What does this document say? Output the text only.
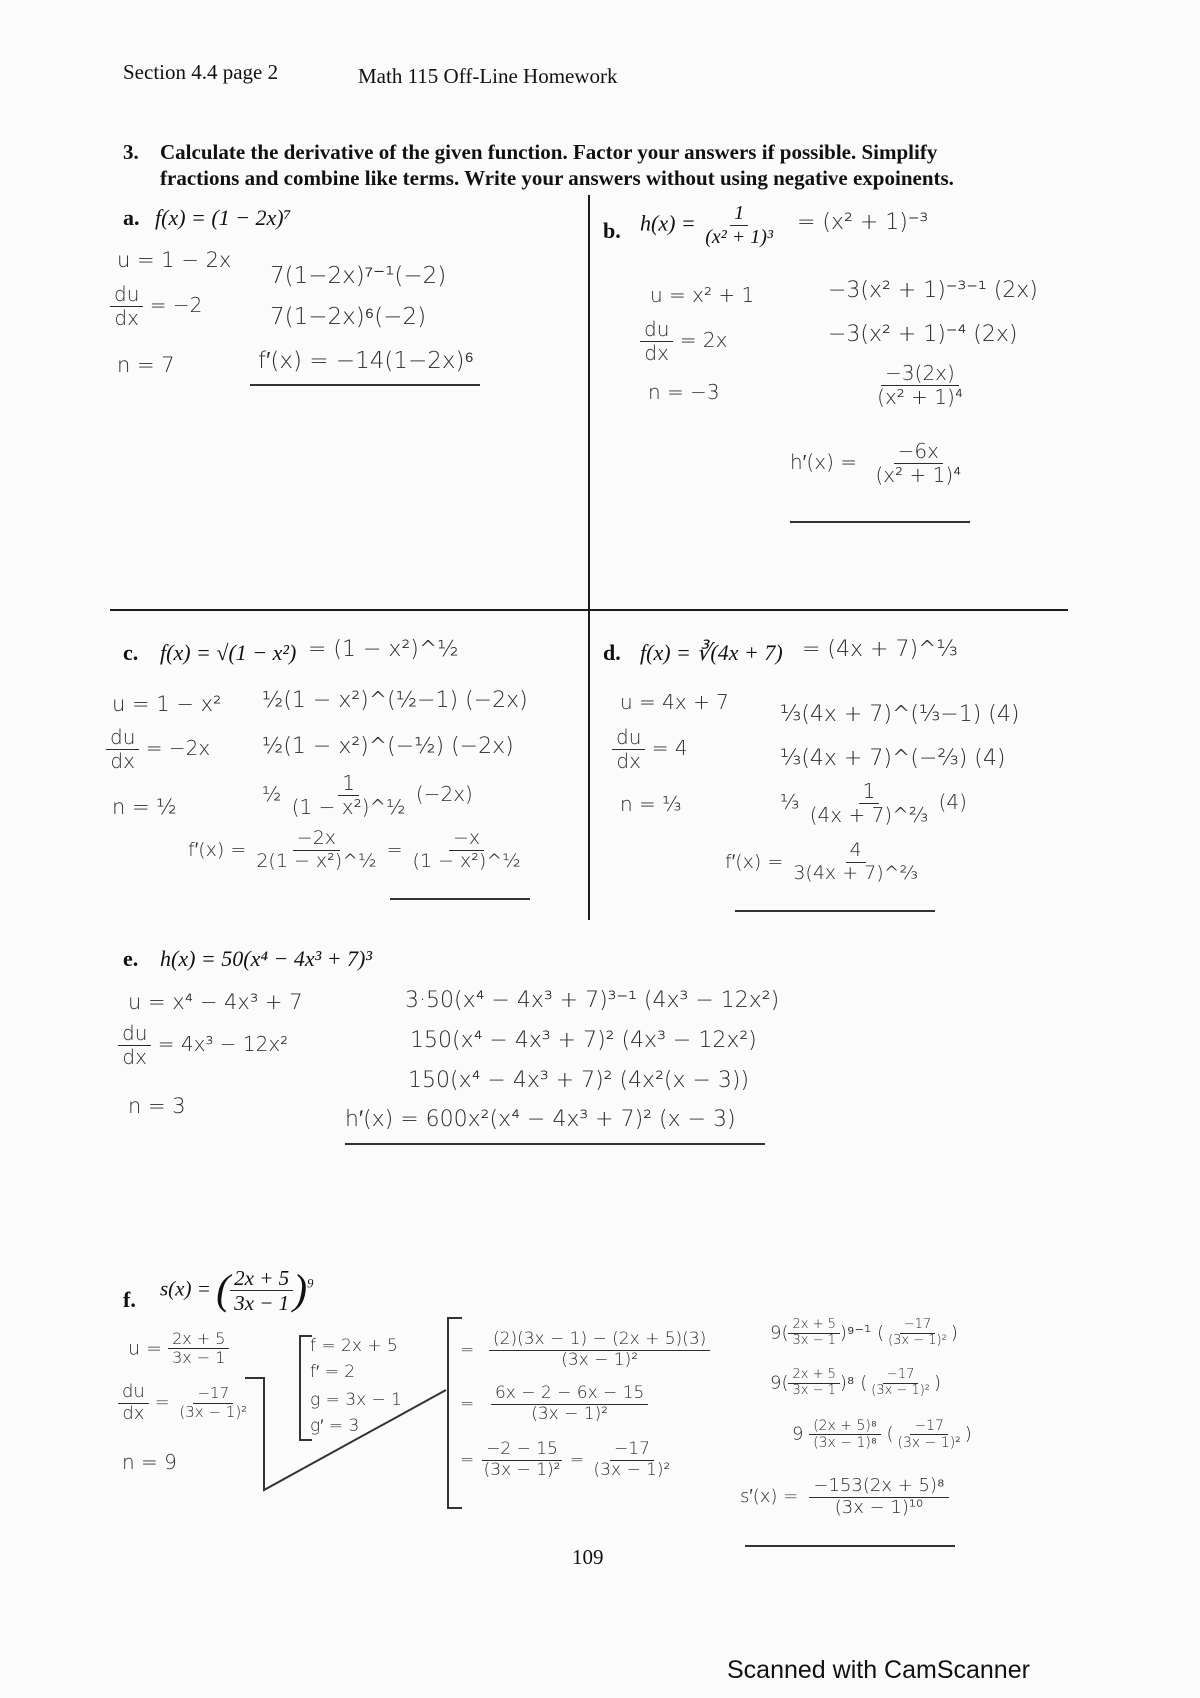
Section 4.4 page 2	Math 115 Off-Line Homework
3. Calculate the derivative of the given function. Factor your answers if possible. Simplify
fractions and combine like terms. Write your answers without using negative expoinents.
a. f(x) = (1 − 2x)⁷
u = 1 − 2x
$\frac{du}{dx} = -2$
n = 7
7(1−2x)⁷⁻¹(−2)
7(1−2x)⁶(−2)
f′(x) = −14(1−2x)⁶
b. $h(x) = \frac{1}{\text{(x² + 1)³}} = (x^2 + 1)^{-3}$
u = x² + 1
$\frac{du}{dx} = 2x$
n = −3
−3(x² + 1)⁻³⁻¹ (2x)
−3(x² + 1)⁻⁴ (2x)
$\frac{-3(2x)}{\text{(x² + 1)⁴}}$
$h'(x) = \frac{-6x}{\text{(x² + 1)⁴}}$
c. f(x) = √(1 − x²) = (1 − x²)^½
u = 1 − x²
$\frac{du}{dx} = -2x$
n = ½
½(1 − x²)^(½−1) (−2x)
½(1 − x²)^(−½) (−2x)
½ $\frac{1}{\text{(1 − x²)\textasciicircum{}½}} (-2x)$
$f'(x) = \frac{-2x}{\text{2(1 − x²)\textasciicircum{}½}} = \frac{-x}{\text{(1 − x²)\textasciicircum{}½}}$
d. f(x) = ∛(4x + 7) = (4x + 7)^⅓
u = 4x + 7
$\frac{du}{dx} = 4$
n = ⅓
⅓(4x + 7)^(⅓−1) (4)
⅓(4x + 7)^(−⅔) (4)
⅓ $\frac{1}{\text{(4x + 7)\textasciicircum{}⅔}} (4)$
$f'(x) = \frac{4}{\text{3(4x + 7)\textasciicircum{}⅔}}$
e. h(x) = 50(x⁴ − 4x³ + 7)³
u = x⁴ − 4x³ + 7
$\frac{du}{dx} = 4x^3 - 12x^2$
n = 3
3·50(x⁴ − 4x³ + 7)³⁻¹ (4x³ − 12x²)
150(x⁴ − 4x³ + 7)² (4x³ − 12x²)
150(x⁴ − 4x³ + 7)² (4x²(x − 3))
h′(x) = 600x²(x⁴ − 4x³ + 7)² (x − 3)
f. s(x) = ( $\frac{2x + 5}{3x - 1} )^9$
$u = \frac{2x + 5}{3x - 1}$
$\frac{du}{dx} = \frac{-17}{\text{(3x − 1)²}}$
n = 9
f = 2x + 5
f′ = 2
g = 3x − 1
g′ = 3
= $\frac{(2)(3x - 1) - (2x + 5)(3)}{\text{(3x − 1)²}}$
= $\frac{6x - 2 - 6x - 15}{\text{(3x − 1)²}}$
= $\frac{-2 - 15}{\text{(3x − 1)²}} = \frac{-17}{\text{(3x − 1)²}}$
$9( \frac{2x + 5}{3x - 1} )^{9-1}$ ( $\frac{-17}{\text{(3x − 1)²}}$ )
$9( \frac{2x + 5}{3x - 1} )^8$ ( $\frac{-17}{\text{(3x − 1)²}}$ )
$9 \frac{\text{(2x + 5)⁸}}{\text{(3x − 1)⁸}}$ ( $\frac{-17}{\text{(3x − 1)²}}$ )
$s'(x) = \frac{\text{−153(2x + 5)⁸}}{\text{(3x − 1)¹⁰}}$
109
Scanned with CamScanner
